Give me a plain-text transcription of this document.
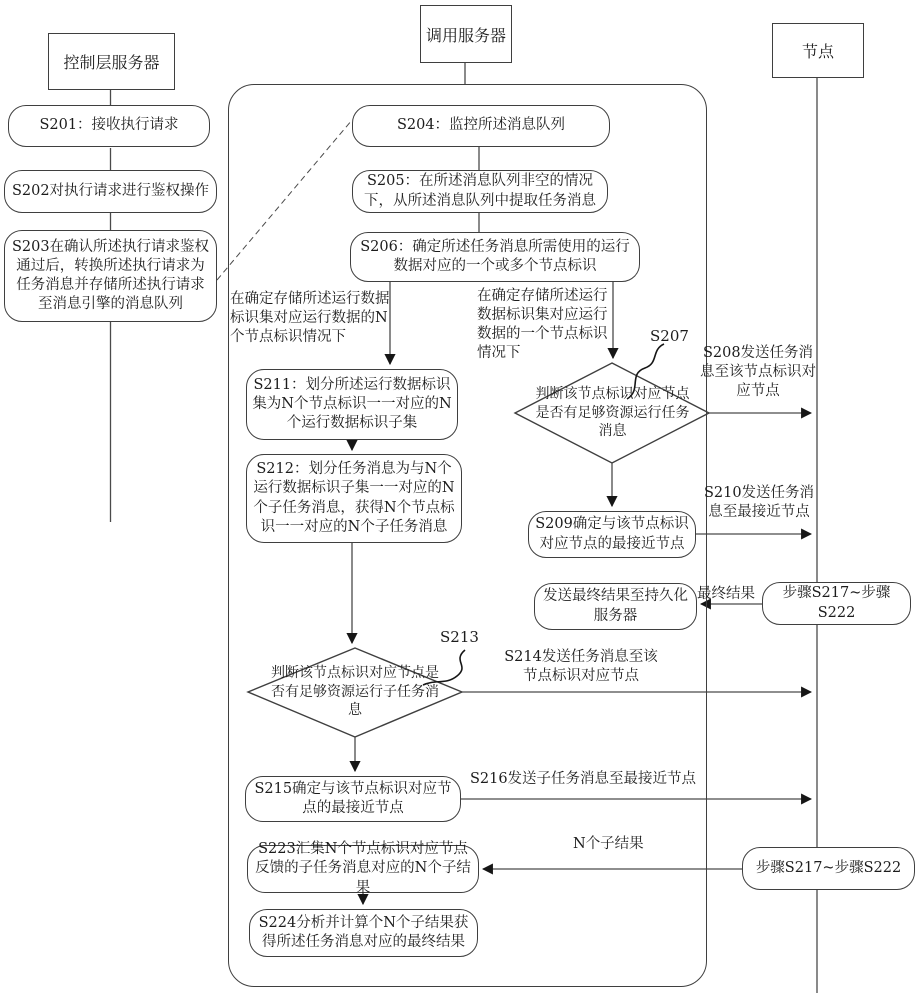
控制层服务器
调用服务器
节点
S201：接收执行请求
S202对执行请求进行鉴权操作
S203在确认所述执行请求鉴权通过后，转换所述执行请求为任务消息并存储所述执行请求至消息引擎的消息队列
S204：监控所述消息队列
S205：在所述消息队列非空的情况下，从所述消息队列中提取任务消息
S206：确定所述任务消息所需使用的运行数据对应的一个或多个节点标识
S211：划分所述运行数据标识集为N个节点标识一一对应的N个运行数据标识子集
S212：划分任务消息为与N个运行数据标识子集一一对应的N个子任务消息，获得N个节点标识一一对应的N个子任务消息	S209确定与该节点标识对应节点的最接近节点
发送最终结果至持久化服务器
S215确定与该节点标识对应节点的最接近节点
S223汇集N个节点标识对应节点反馈的子任务消息对应的N个子结果
S224分析并计算个N个子结果获得所述任务消息对应的最终结果
步骤S217~步骤S222
步骤S217~步骤S222
判断该节点标识对应节点是否有足够资源运行任务消息
判断该节点标识对应节点是否有足够资源运行子任务消息
在确定存储所述运行数据标识集对应运行数据的N个节点标识情况下
在确定存储所述运行数据标识集对应运行数据的一个节点标识情况下
S207
S208发送任务消息至该节点标识对应节点
S210发送任务消息至最接近节点
最终结果
S213
S214发送任务消息至该节点标识对应节点
S216发送子任务消息至最接近节点
N个子结果
